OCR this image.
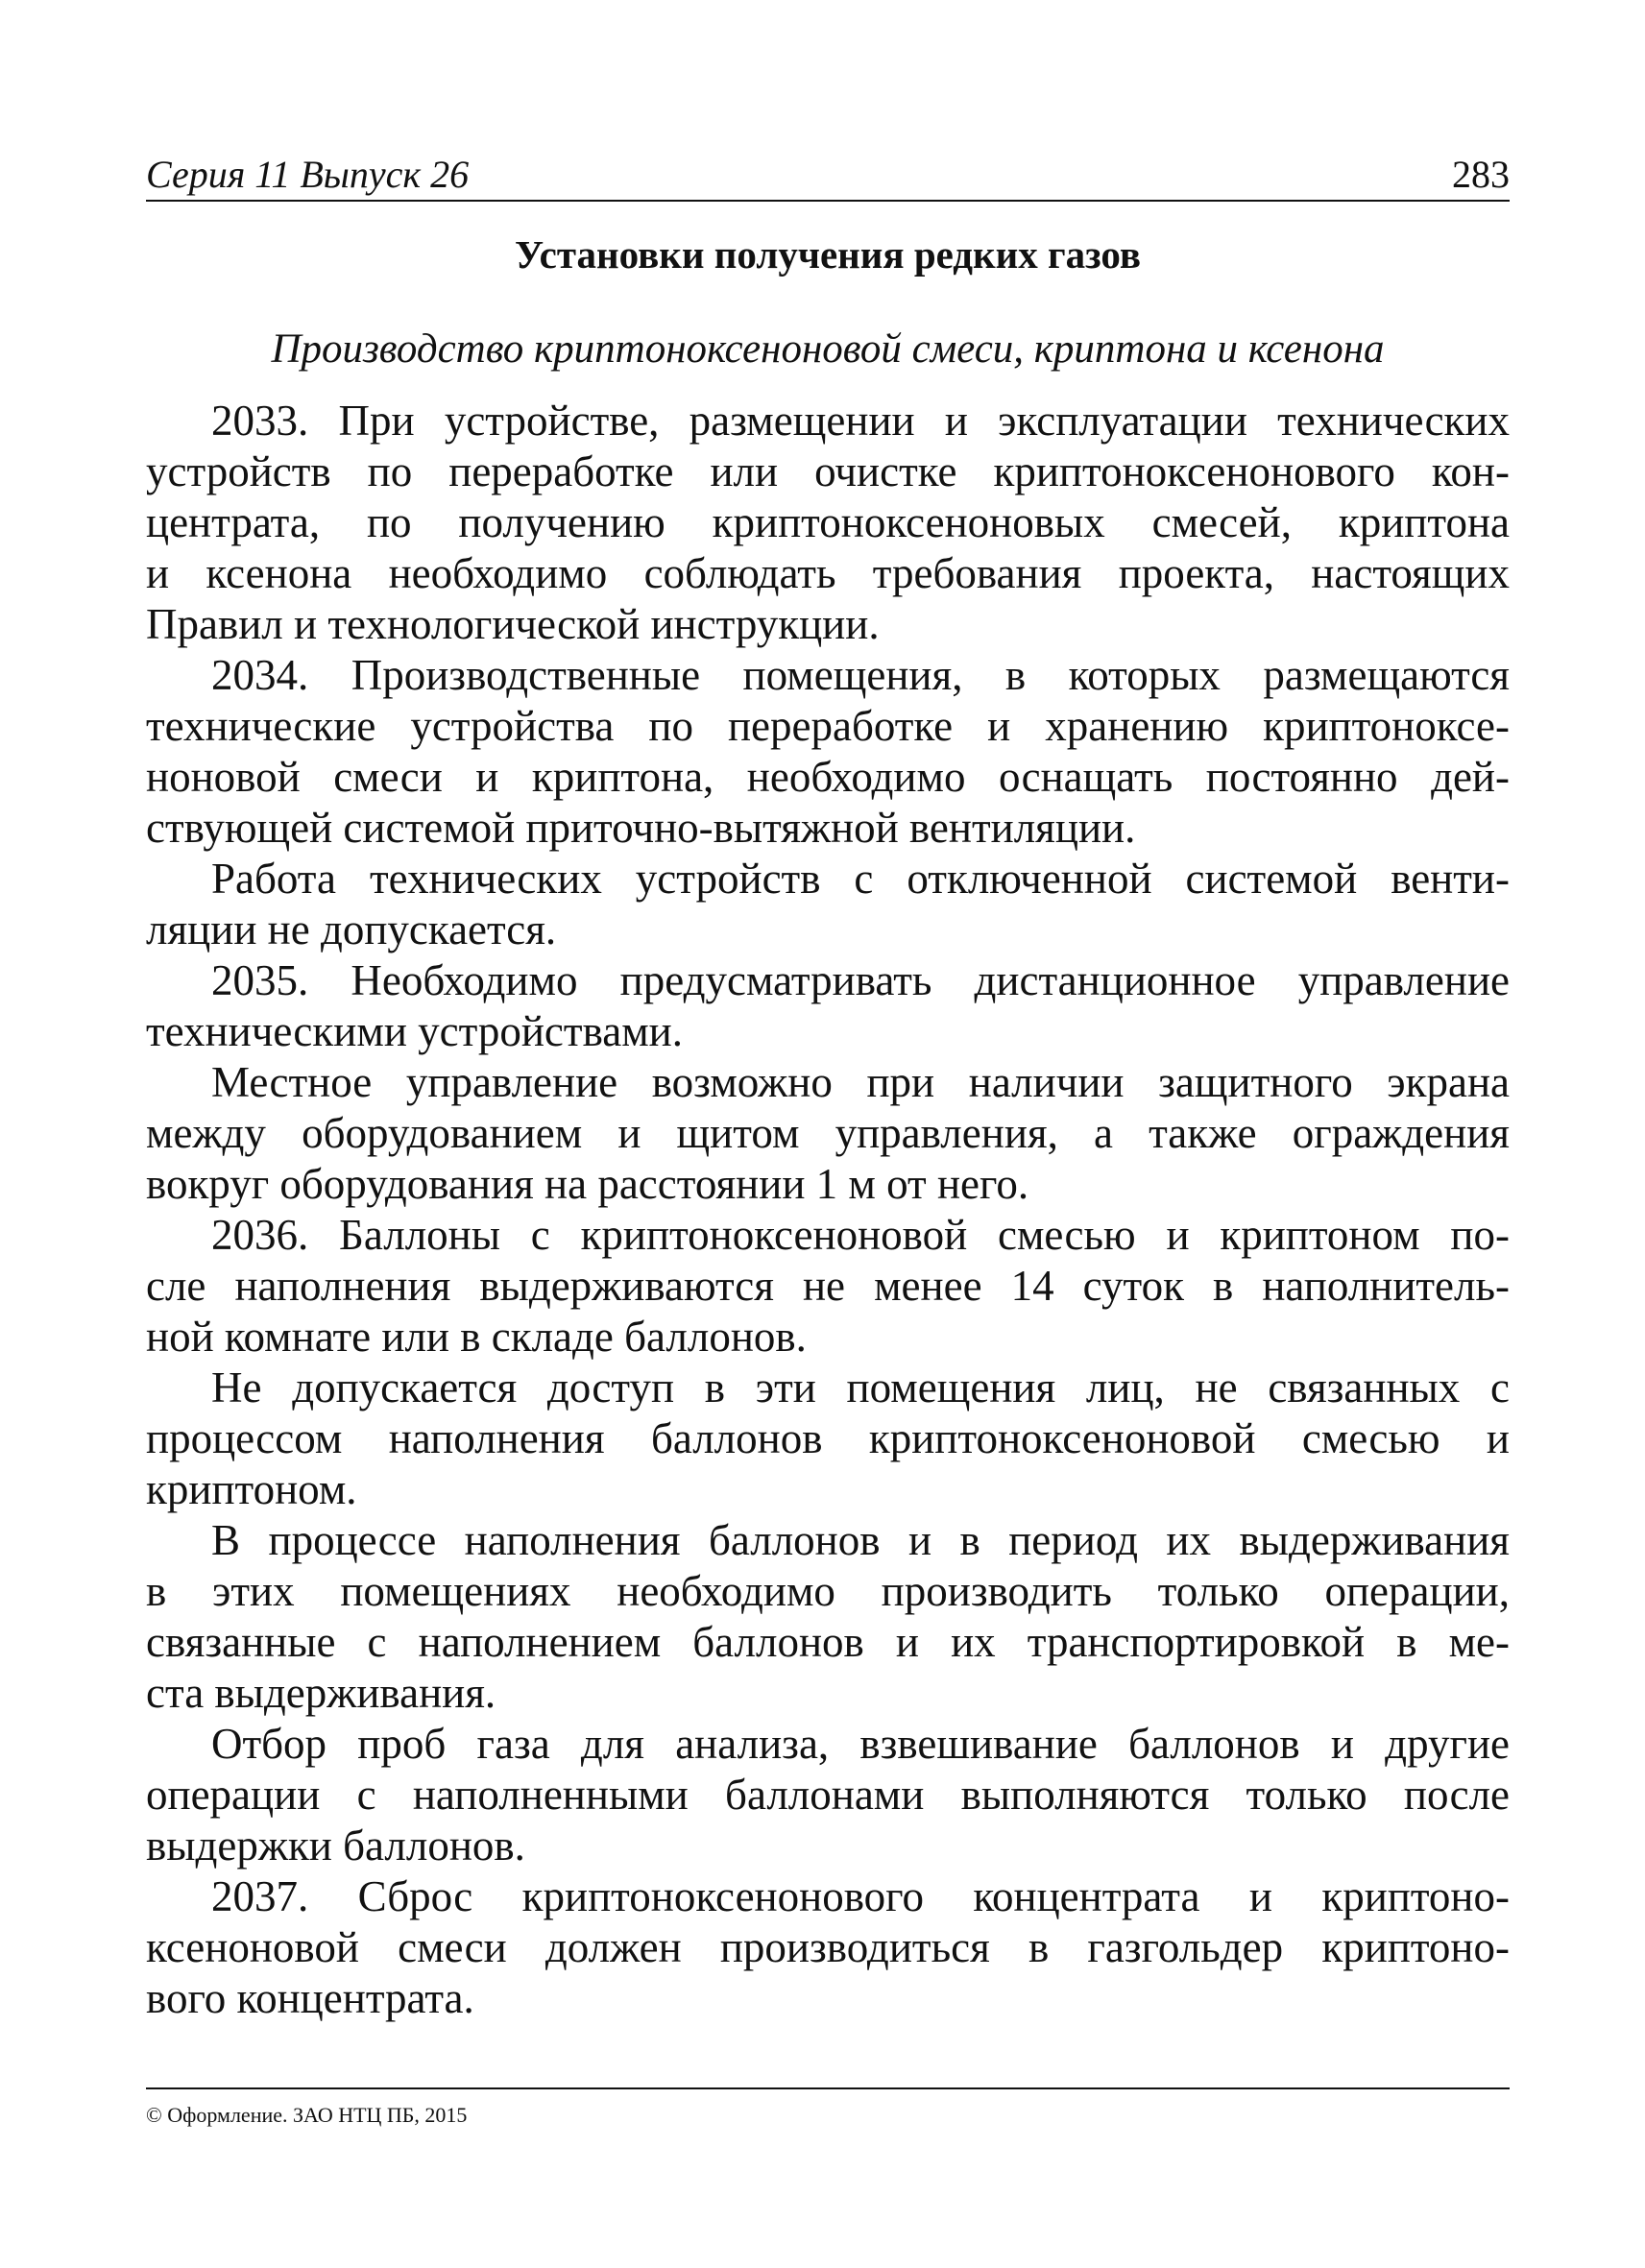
Серия 11 Выпуск 26	283
Установки получения редких газов
Производство криптоноксеноновой смеси, криптона и ксенона
2033. При устройстве, размещении и эксплуатации технических
устройств по переработке или очистке криптоноксенонового кон-
центрата, по получению криптоноксеноновых смесей, криптона
и ксенона необходимо соблюдать требования проекта, настоящих
Правил и технологической инструкции.
2034. Производственные помещения, в которых размещаются
технические устройства по переработке и хранению криптоноксе-
ноновой смеси и криптона, необходимо оснащать постоянно дей-
ствующей системой приточно-вытяжной вентиляции.
Работа технических устройств с отключенной системой венти-
ляции не допускается.
2035. Необходимо предусматривать дистанционное управление
техническими устройствами.
Местное управление возможно при наличии защитного экрана
между оборудованием и щитом управления, а также ограждения
вокруг оборудования на расстоянии 1 м от него.
2036. Баллоны с криптоноксеноновой смесью и криптоном по-
сле наполнения выдерживаются не менее 14 суток в наполнитель-
ной комнате или в складе баллонов.
Не допускается доступ в эти помещения лиц, не связанных с
процессом наполнения баллонов криптоноксеноновой смесью и
криптоном.
В процессе наполнения баллонов и в период их выдерживания
в этих помещениях необходимо производить только операции,
связанные с наполнением баллонов и их транспортировкой в ме-
ста выдерживания.
Отбор проб газа для анализа, взвешивание баллонов и другие
операции с наполненными баллонами выполняются только после
выдержки баллонов.
2037. Сброс криптоноксенонового концентрата и криптоно-
ксеноновой смеси должен производиться в газгольдер криптоно-
вого концентрата.
© Оформление. ЗАО НТЦ ПБ, 2015
